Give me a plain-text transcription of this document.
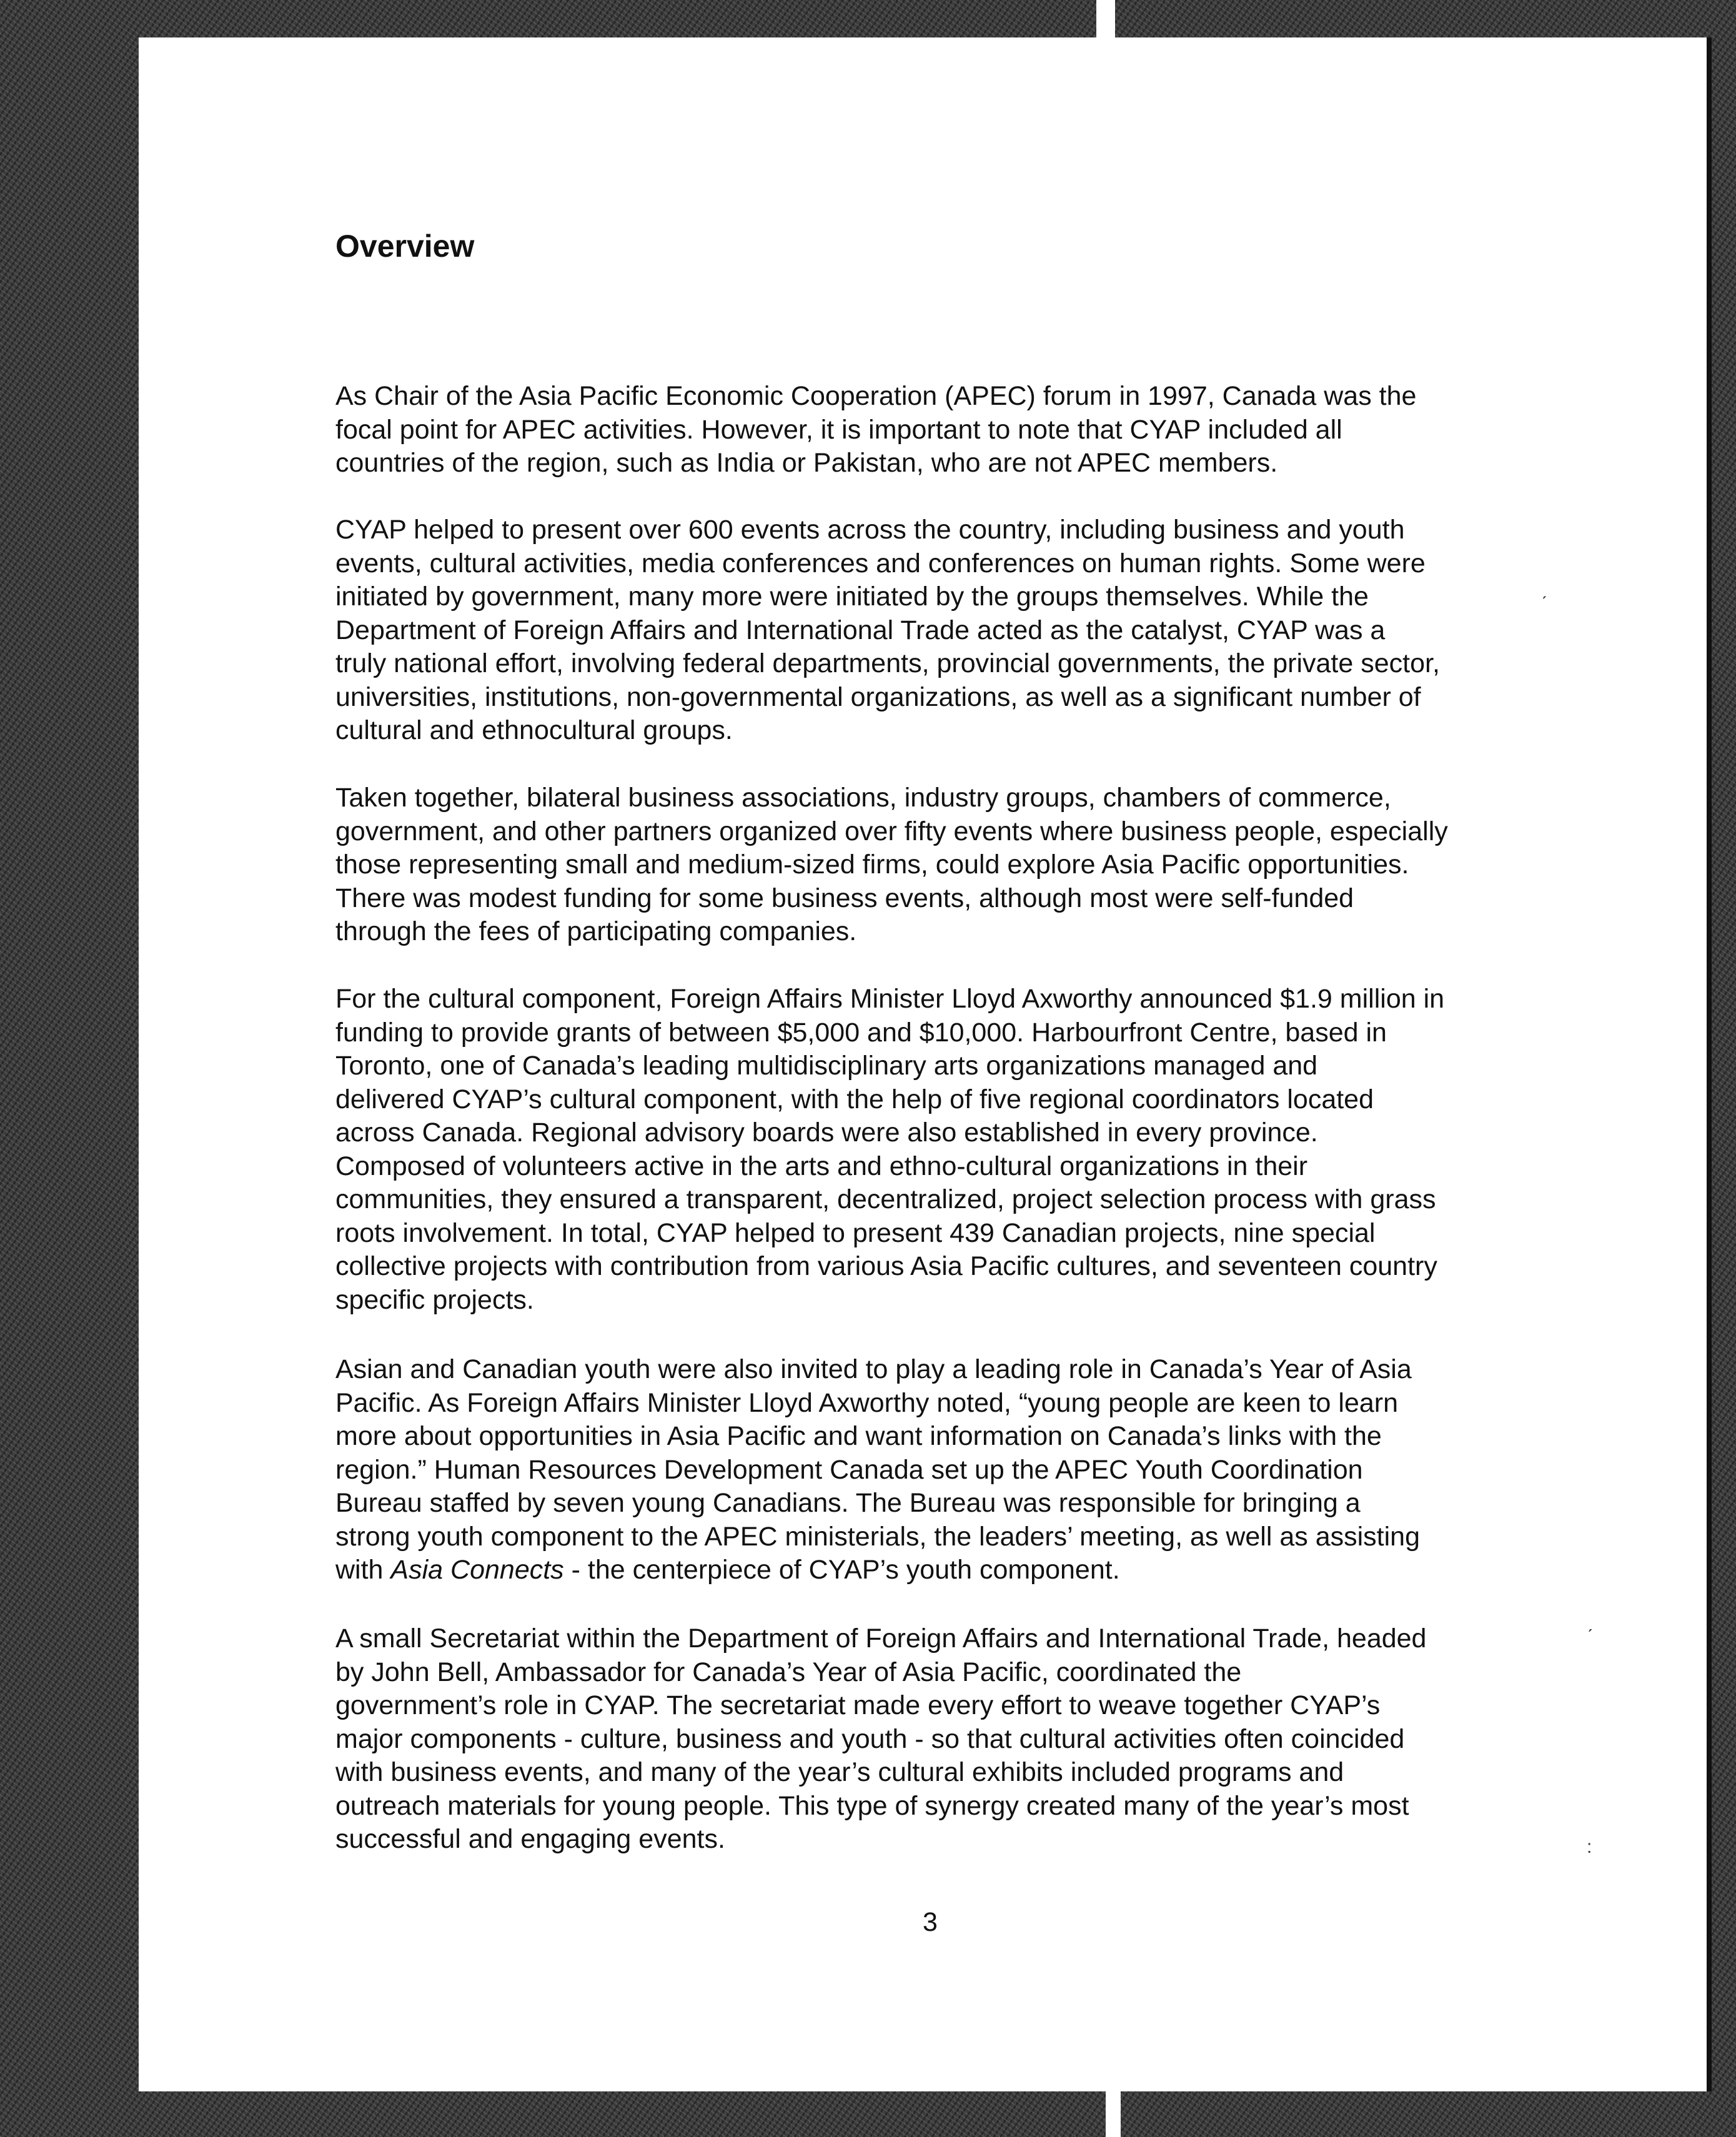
Overview

As Chair of the Asia Pacific Economic Cooperation (APEC) forum in 1997, Canada was the
focal point for APEC activities. However, it is important to note that CYAP included all
countries of the region, such as India or Pakistan, who are not APEC members.

CYAP helped to present over 600 events across the country, including business and youth
events, cultural activities, media conferences and conferences on human rights. Some were
initiated by government, many more were initiated by the groups themselves. While the
Department of Foreign Affairs and International Trade acted as the catalyst, CYAP was a
truly national effort, involving federal departments, provincial governments, the private sector,
universities, institutions, non-governmental organizations, as well as a significant number of
cultural and ethnocultural groups.

Taken together, bilateral business associations, industry groups, chambers of commerce,
government, and other partners organized over fifty events where business people, especially
those representing small and medium-sized firms, could explore Asia Pacific opportunities.
There was modest funding for some business events, although most were self-funded
through the fees of participating companies.

For the cultural component, Foreign Affairs Minister Lloyd Axworthy announced $1.9 million in
funding to provide grants of between $5,000 and $10,000. Harbourfront Centre, based in
Toronto, one of Canada’s leading multidisciplinary arts organizations managed and
delivered CYAP’s cultural component, with the help of five regional coordinators located
across Canada. Regional advisory boards were also established in every province.
Composed of volunteers active in the arts and ethno-cultural organizations in their
communities, they ensured a transparent, decentralized, project selection process with grass
roots involvement. In total, CYAP helped to present 439 Canadian projects, nine special
collective projects with contribution from various Asia Pacific cultures, and seventeen country
specific projects.

Asian and Canadian youth were also invited to play a leading role in Canada’s Year of Asia
Pacific. As Foreign Affairs Minister Lloyd Axworthy noted, “young people are keen to learn
more about opportunities in Asia Pacific and want information on Canada’s links with the
region.” Human Resources Development Canada set up the APEC Youth Coordination
Bureau staffed by seven young Canadians. The Bureau was responsible for bringing a
strong youth component to the APEC ministerials, the leaders’ meeting, as well as assisting
with Asia Connects - the centerpiece of CYAP’s youth component.

A small Secretariat within the Department of Foreign Affairs and International Trade, headed
by John Bell, Ambassador for Canada’s Year of Asia Pacific, coordinated the
government’s role in CYAP. The secretariat made every effort to weave together CYAP’s
major components - culture, business and youth - so that cultural activities often coincided
with business events, and many of the year’s cultural exhibits included programs and
outreach materials for young people. This type of synergy created many of the year’s most
successful and engaging events.

3
ˊ
ˏ
:
